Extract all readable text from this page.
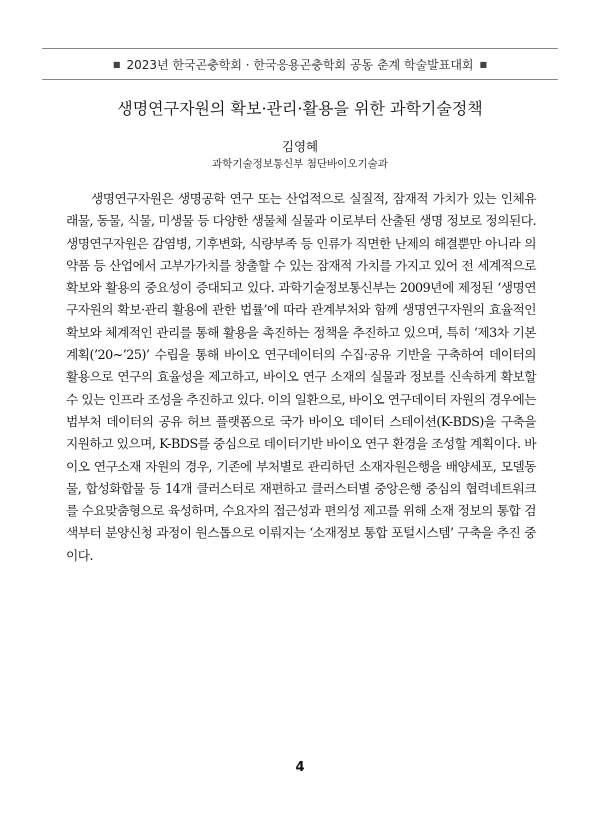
■ 2023년 한국곤충학회 · 한국응용곤충학회 공동 춘계 학술발표대회 ■
생명연구자원의 확보·관리·활용을 위한 과학기술정책
김영혜
과학기술정보통신부 첨단바이오기술과

생명연구자원은 생명공학 연구 또는 산업적으로 실질적, 잠재적 가치가 있는 인체유래물, 동물, 식물, 미생물 등 다양한 생물체 실물과 이로부터 산출된 생명 정보로 정의된다. 생명연구자원은 감염병, 기후변화, 식량부족 등 인류가 직면한 난제의 해결뿐만 아니라 의약품 등 산업에서 고부가가치를 창출할 수 있는 잠재적 가치를 가지고 있어 전 세계적으로 확보와 활용의 중요성이 증대되고 있다. 과학기술정보통신부는 2009년에 제정된 ‘생명연구자원의 확보·관리 활용에 관한 법률’에 따라 관계부처와 함께 생명연구자원의 효율적인 확보와 체계적인 관리를 통해 활용을 촉진하는 정책을 추진하고 있으며, 특히 ‘제3차 기본계획(’20~’25)’ 수립을 통해 바이오 연구데이터의 수집·공유 기반을 구축하여 데이터의 활용으로 연구의 효율성을 제고하고, 바이오 연구 소재의 실물과 정보를 신속하게 확보할 수 있는 인프라 조성을 추진하고 있다. 이의 일환으로, 바이오 연구데이터 자원의 경우에는 범부처 데이터의 공유 허브 플랫폼으로 국가 바이오 데이터 스테이션(K-BDS)을 구축을 지원하고 있으며, K-BDS를 중심으로 데이터기반 바이오 연구 환경을 조성할 계획이다. 바이오 연구소재 자원의 경우, 기존에 부처별로 관리하던 소재자원은행을 배양세포, 모델동물, 합성화합물 등 14개 클러스터로 재편하고 클러스터별 중앙은행 중심의 협력네트워크를 수요맞춤형으로 육성하며, 수요자의 접근성과 편의성 제고를 위해 소재 정보의 통합 검색부터 분양신청 과정이 원스톱으로 이뤄지는 ‘소재정보 통합 포털시스템’ 구축을 추진 중이다.

4
